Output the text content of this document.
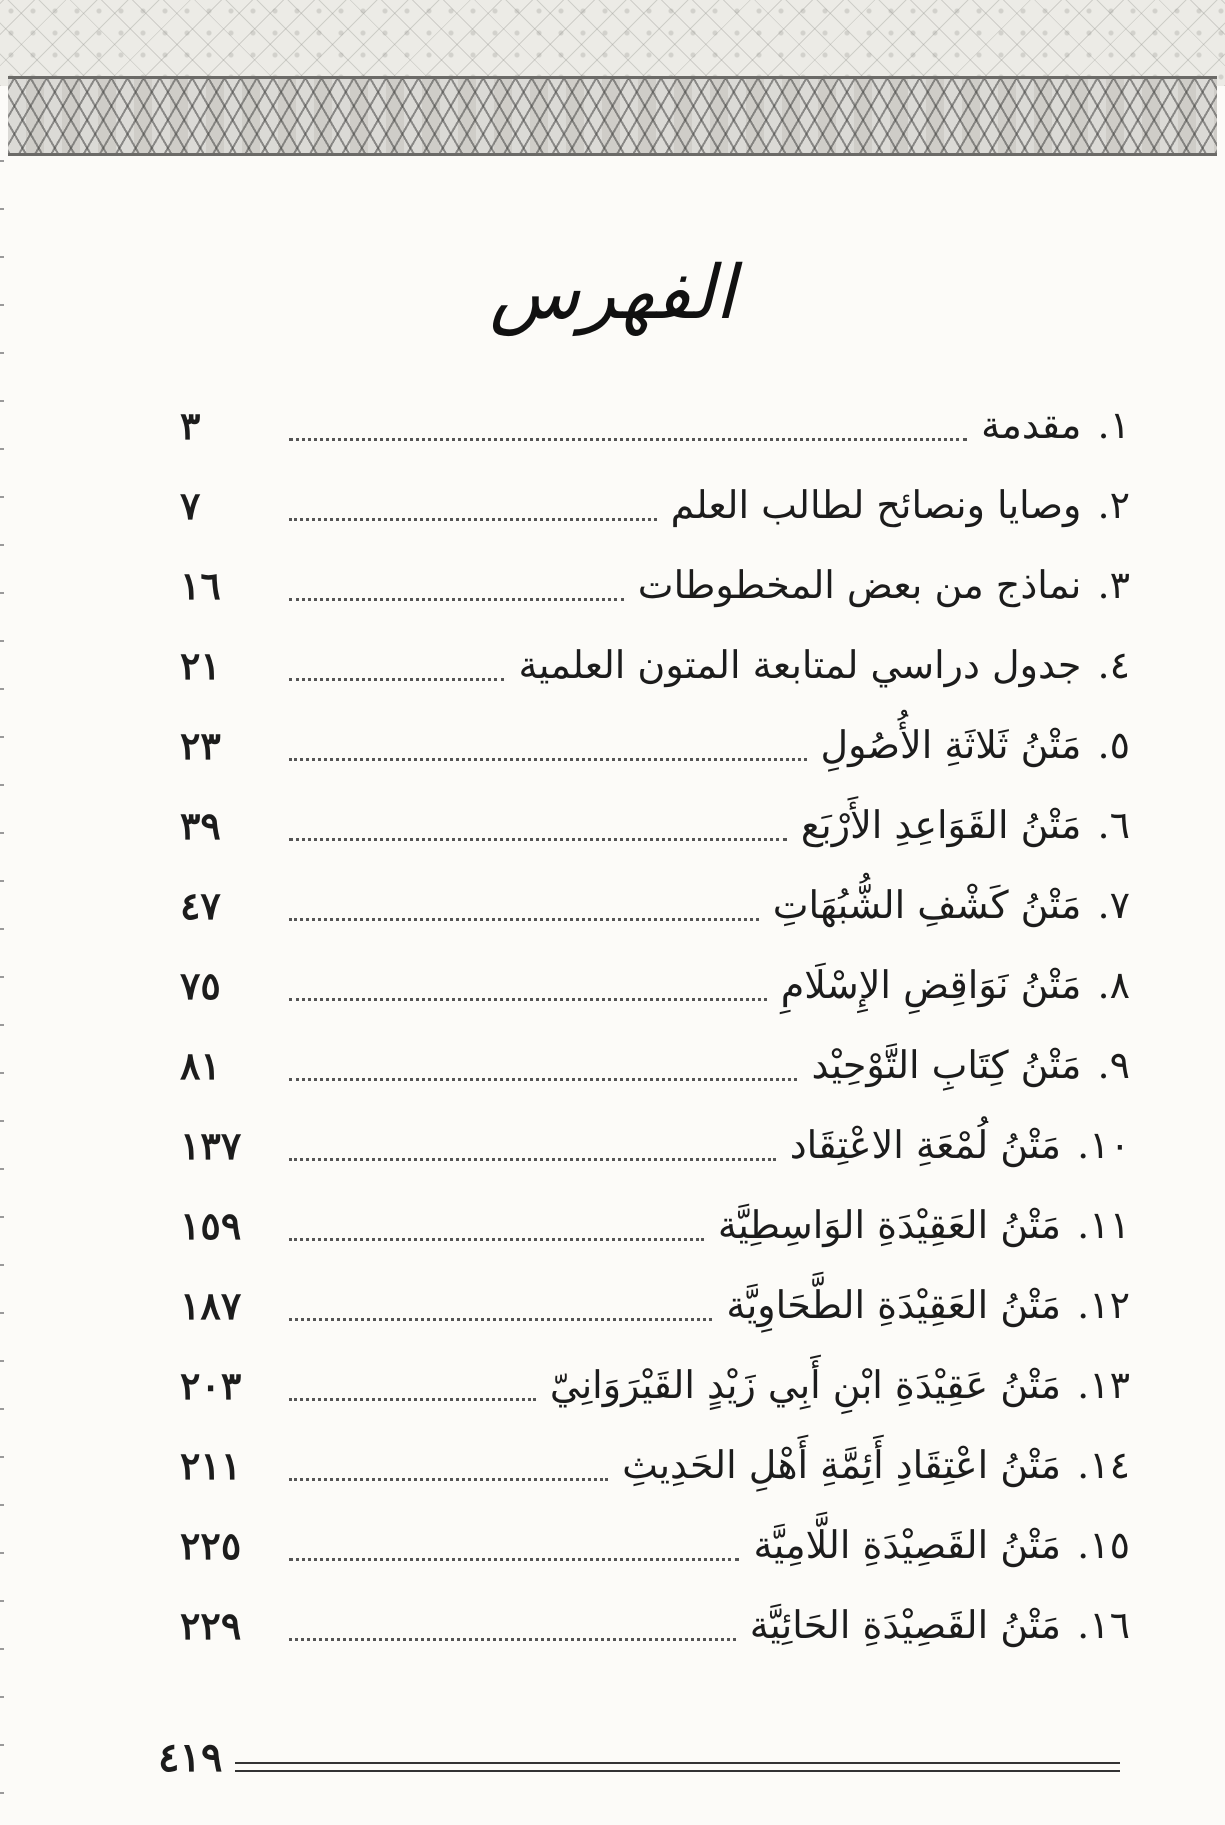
الفهرس
١. مقدمة
٣
٢. وصايا ونصائح لطالب العلم
٧
٣. نماذج من بعض المخطوطات
١٦
٤. جدول دراسي لمتابعة المتون العلمية
٢١
٥. مَتْنُ ثَلاثَةِ الأُصُولِ
٢٣
٦. مَتْنُ القَوَاعِدِ الأَرْبَع
٣٩
٧. مَتْنُ كَشْفِ الشُّبُهَاتِ
٤٧
٨. مَتْنُ نَوَاقِضِ الإِسْلَامِ
٧٥
٩. مَتْنُ كِتَابِ التَّوْحِيْد
٨١
١٠. مَتْنُ لُمْعَةِ الاعْتِقَاد
١٣٧
١١. مَتْنُ العَقِيْدَةِ الوَاسِطِيَّة
١٥٩
١٢. مَتْنُ العَقِيْدَةِ الطَّحَاوِيَّة
١٨٧
١٣. مَتْنُ عَقِيْدَةِ ابْنِ أَبِي زَيْدٍ القَيْرَوَانِيّ
٢٠٣
١٤. مَتْنُ اعْتِقَادِ أَئِمَّةِ أَهْلِ الحَدِيثِ
٢١١
١٥. مَتْنُ القَصِيْدَةِ اللَّامِيَّة
٢٢٥
١٦. مَتْنُ القَصِيْدَةِ الحَائِيَّة
٢٢٩
٤١٩
